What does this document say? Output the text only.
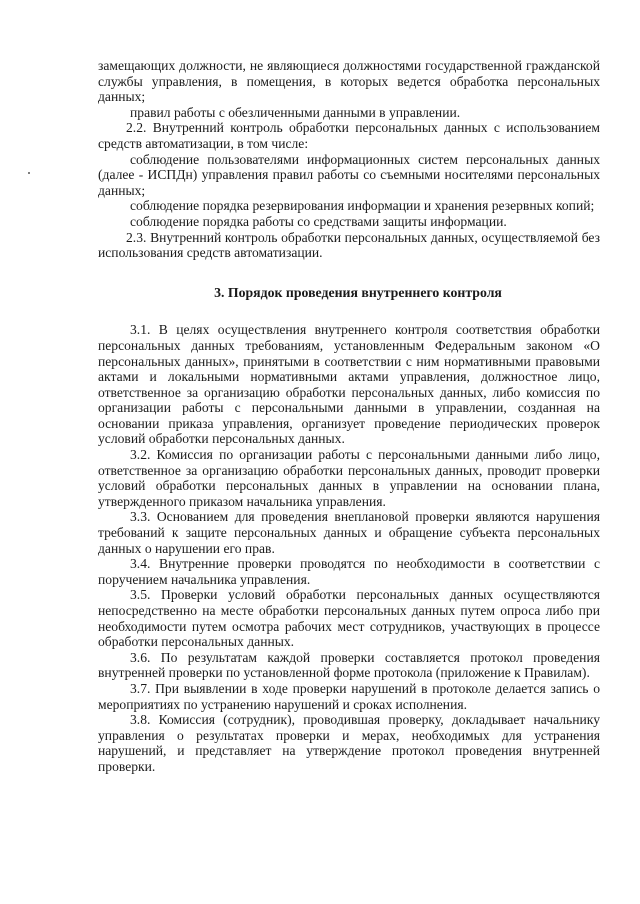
замещающих должности, не являющиеся должностями государственной гражданской службы управления, в помещения, в которых ведется обработка персональных данных;

правил работы с обезличенными данными в управлении.

2.2. Внутренний контроль обработки персональных данных с использованием средств автоматизации, в том числе:

соблюдение пользователями информационных систем персональных данных (далее - ИСПДн) управления правил работы со съемными носителями персональных данных;

соблюдение порядка резервирования информации и хранения резервных копий;

соблюдение порядка работы со средствами защиты информации.

2.3. Внутренний контроль обработки персональных данных, осуществляемой без использования средств автоматизации.

3. Порядок проведения внутреннего контроля

3.1. В целях осуществления внутреннего контроля соответствия обработки персональных данных требованиям, установленным Федеральным законом «О персональных данных», принятыми в соответствии с ним нормативными правовыми актами и локальными нормативными актами управления, должностное лицо, ответственное за организацию обработки персональных данных, либо комиссия по организации работы с персональными данными в управлении, созданная на основании приказа управления, организует проведение периодических проверок условий обработки персональных данных.

3.2. Комиссия по организации работы с персональными данными либо лицо, ответственное за организацию обработки персональных данных, проводит проверки условий обработки персональных данных в управлении на основании плана, утвержденного приказом начальника управления.

3.3. Основанием для проведения внеплановой проверки являются нарушения требований к защите персональных данных и обращение субъекта персональных данных о нарушении его прав.

3.4. Внутренние проверки проводятся по необходимости в соответствии с поручением начальника управления.

3.5. Проверки условий обработки персональных данных осуществляются непосредственно на месте обработки персональных данных путем опроса либо при необходимости путем осмотра рабочих мест сотрудников, участвующих в процессе обработки персональных данных.

3.6. По результатам каждой проверки составляется протокол проведения внутренней проверки по установленной форме протокола (приложение к Правилам).

3.7. При выявлении в ходе проверки нарушений в протоколе делается запись о мероприятиях по устранению нарушений и сроках исполнения.

3.8. Комиссия (сотрудник), проводившая проверку, докладывает начальнику управления о результатах проверки и мерах, необходимых для устранения нарушений, и представляет на утверждение протокол проведения внутренней проверки.
